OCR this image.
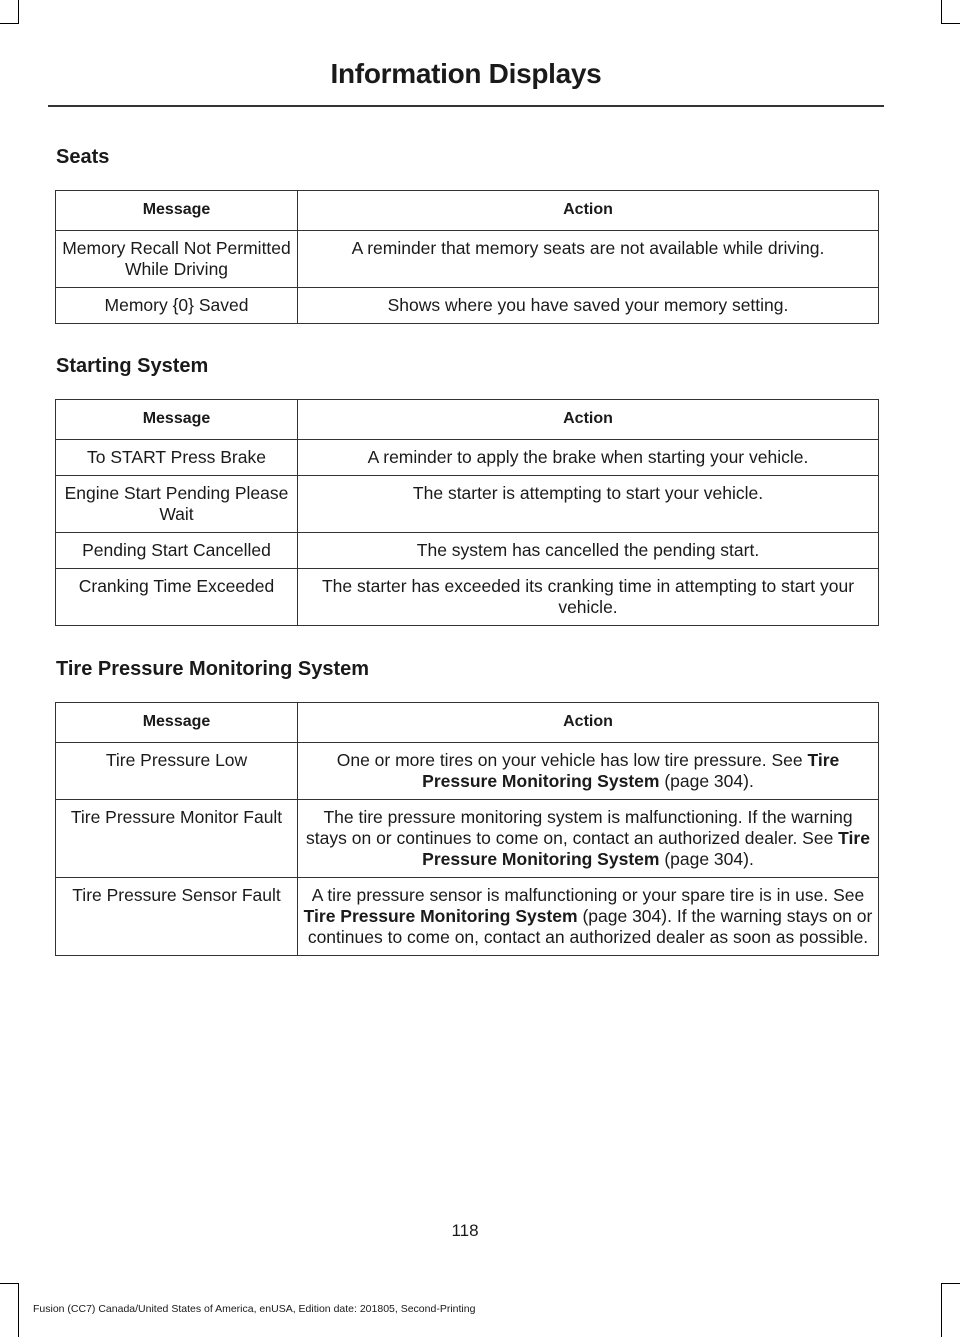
Information Displays
Seats
Message	Action
Memory Recall Not Permitted While Driving	A reminder that memory seats are not available while driving.
Memory {0} Saved	Shows where you have saved your memory setting.
Starting System
Message	Action
To START Press Brake	A reminder to apply the brake when starting your vehicle.
Engine Start Pending Please Wait	The starter is attempting to start your vehicle.
Pending Start Cancelled	The system has cancelled the pending start.
Cranking Time Exceeded	The starter has exceeded its cranking time in attempting to start your vehicle.
Tire Pressure Monitoring System
Message	Action
Tire Pressure Low	One or more tires on your vehicle has low tire pressure. See Tire Pressure Monitoring System (page 304).
Tire Pressure Monitor Fault	The tire pressure monitoring system is malfunctioning. If the warning stays on or continues to come on, contact an authorized dealer. See Tire Pressure Monitoring System (page 304).
Tire Pressure Sensor Fault	A tire pressure sensor is malfunctioning or your spare tire is in use. See Tire Pressure Monitoring System (page 304). If the warning stays on or continues to come on, contact an authorized dealer as soon as possible.
118
Fusion (CC7) Canada/United States of America, enUSA, Edition date: 201805, Second-Printing
